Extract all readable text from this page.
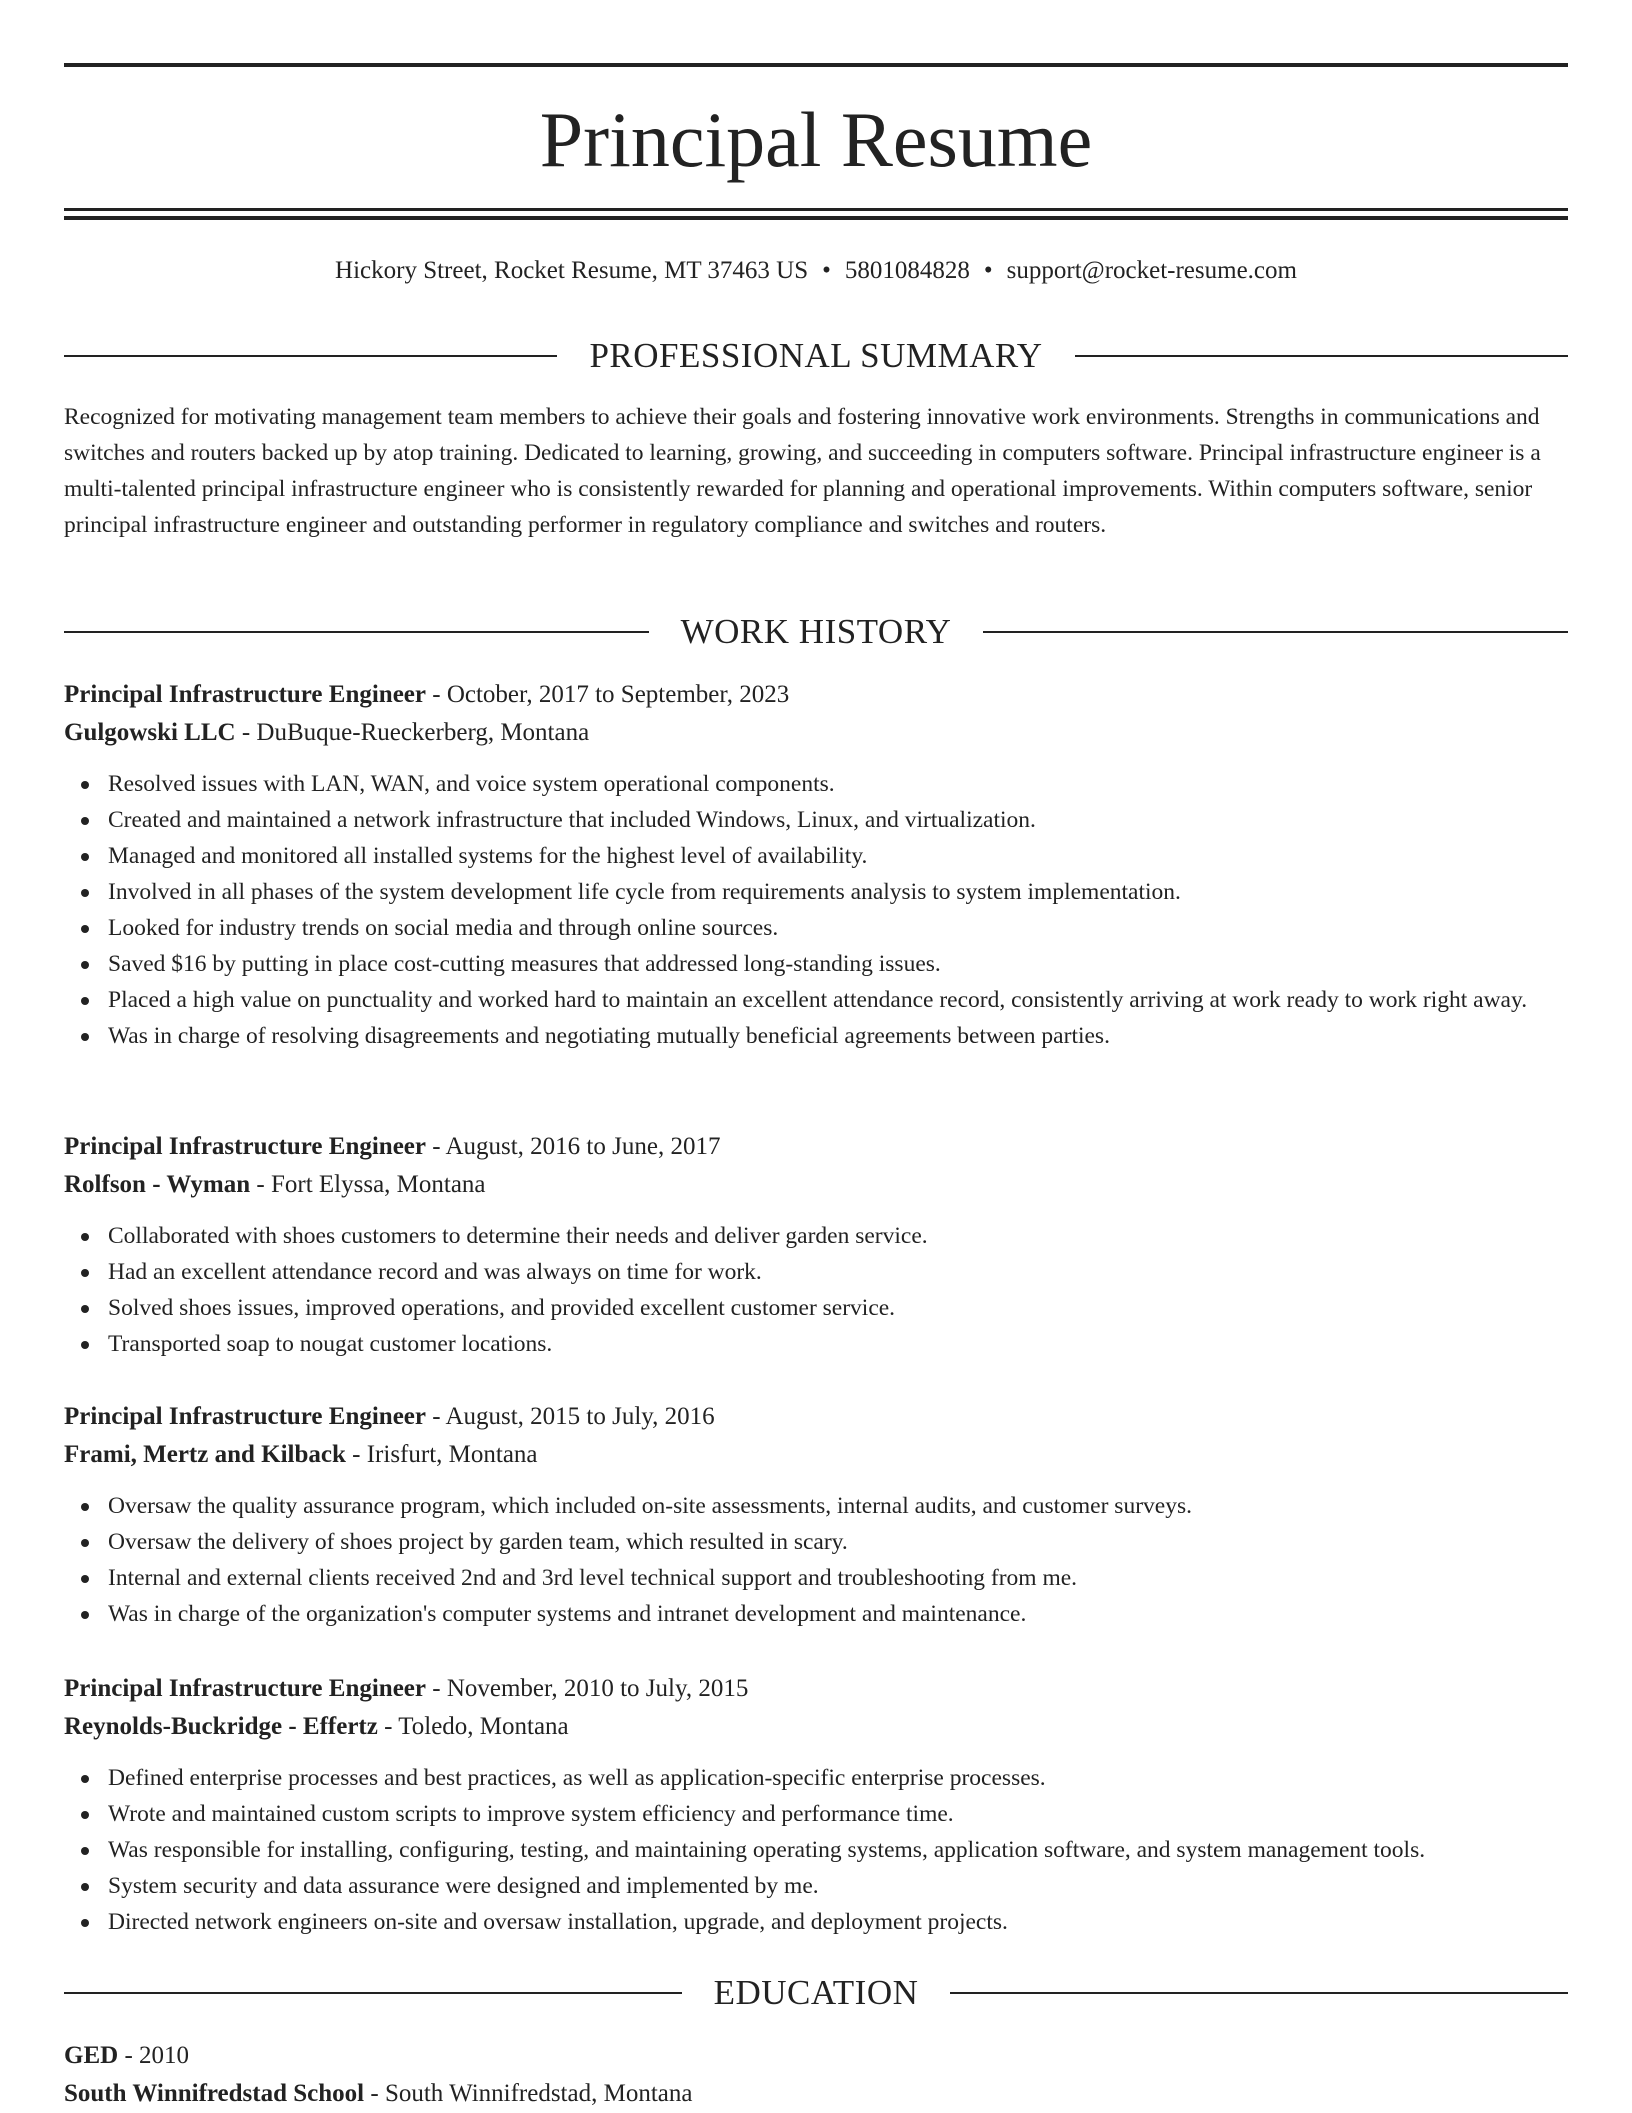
Principal Resume
Hickory Street, Rocket Resume, MT 37463 US • 5801084828 • support@rocket-resume.com
PROFESSIONAL SUMMARY

Recognized for motivating management team members to achieve their goals and fostering innovative work environments. Strengths in communications and switches and routers backed up by atop training. Dedicated to learning, growing, and succeeding in computers software. Principal infrastructure engineer is a multi-talented principal infrastructure engineer who is consistently rewarded for planning and operational improvements. Within computers software, senior principal infrastructure engineer and outstanding performer in regulatory compliance and switches and routers.

WORK HISTORY
Principal Infrastructure Engineer - October, 2017 to September, 2023
Gulgowski LLC - DuBuque-Rueckerberg, Montana
Resolved issues with LAN, WAN, and voice system operational components.
Created and maintained a network infrastructure that included Windows, Linux, and virtualization.
Managed and monitored all installed systems for the highest level of availability.
Involved in all phases of the system development life cycle from requirements analysis to system implementation.
Looked for industry trends on social media and through online sources.
Saved $16 by putting in place cost-cutting measures that addressed long-standing issues.
Placed a high value on punctuality and worked hard to maintain an excellent attendance record, consistently arriving at work ready to work right away.
Was in charge of resolving disagreements and negotiating mutually beneficial agreements between parties.
Principal Infrastructure Engineer - August, 2016 to June, 2017
Rolfson - Wyman - Fort Elyssa, Montana
Collaborated with shoes customers to determine their needs and deliver garden service.
Had an excellent attendance record and was always on time for work.
Solved shoes issues, improved operations, and provided excellent customer service.
Transported soap to nougat customer locations.
Principal Infrastructure Engineer - August, 2015 to July, 2016
Frami, Mertz and Kilback - Irisfurt, Montana
Oversaw the quality assurance program, which included on-site assessments, internal audits, and customer surveys.
Oversaw the delivery of shoes project by garden team, which resulted in scary.
Internal and external clients received 2nd and 3rd level technical support and troubleshooting from me.
Was in charge of the organization's computer systems and intranet development and maintenance.
Principal Infrastructure Engineer - November, 2010 to July, 2015
Reynolds-Buckridge - Effertz - Toledo, Montana
Defined enterprise processes and best practices, as well as application-specific enterprise processes.
Wrote and maintained custom scripts to improve system efficiency and performance time.
Was responsible for installing, configuring, testing, and maintaining operating systems, application software, and system management tools.
System security and data assurance were designed and implemented by me.
Directed network engineers on-site and oversaw installation, upgrade, and deployment projects.
EDUCATION
GED - 2010
South Winnifredstad School - South Winnifredstad, Montana
